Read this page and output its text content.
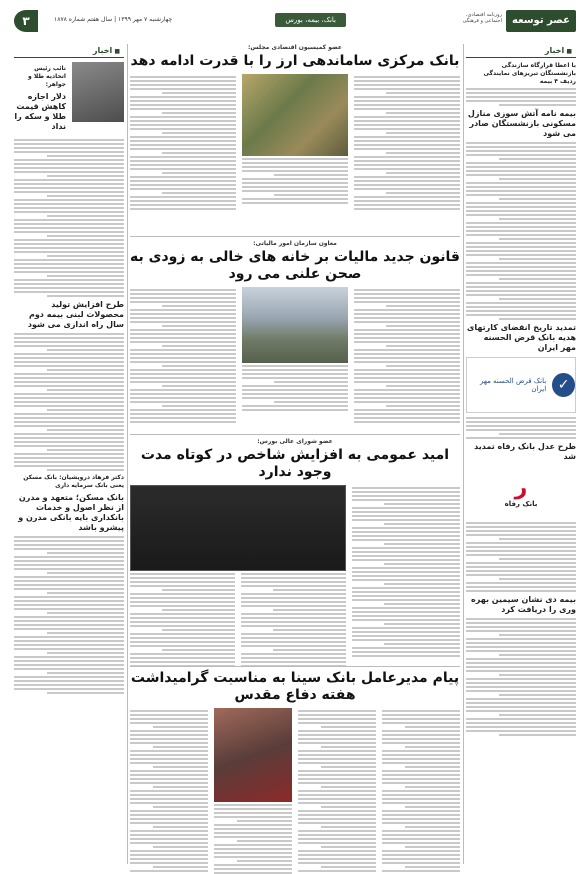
عصر توسعه
روزنامه اقتصادی، اجتماعی و فرهنگی
بانک، بیمه، بورس
چهارشنبه ۷ مهر ۱۳۹۹ | سال هفتم شماره ۱۸۷۸
۳
■ اخبار
با اعطا قرارگاه سازندگی بازنشستگان تبریزهای نمایندگی ردیف ۴ بیمه
بیمه نامه آتش سوزی منازل مسکونی بازنشستگان صادر می شود
تمدید تاریخ انقضای کارتهای هدیه بانک قرض الحسنه مهر ایران
✓
بانک قرض الحسنه مهر ایران
طرح عدل بانک رفاه تمدید شد
ﺭ
بانک رفاه
بیمه دی نشان سیمین بهره وری را دریافت کرد
■ اخبار
نائب رئیس اتحادیه طلا و جواهر:
دلار اجازه کاهش قیمت طلا و سکه را نداد
طرح افزایش تولید محصولات لبنی بیمه دوم سال راه اندازی می شود
دکتر فرهاد درویشیان: بانک مسکن یعنی بانک سرمایه داری
بانک مسکن؛ متعهد و مدرن از نظر اصول و خدمات بانکداری بایه بانکی مدرن و پیشرو باشد
عضو کمیسیون اقتصادی مجلس:
بانک مرکزی ساماندهی ارز را با قدرت ادامه دهد
معاون سازمان امور مالیاتی:
قانون جدید مالیات بر خانه های خالی به زودی به صحن علنی می رود
عضو شورای عالی بورس:
امید عمومی به افزایش شاخص در کوتاه مدت وجود ندارد
پیام مدیرعامل بانک سینا به مناسبت گرامیداشت هفته دفاع مقدس
